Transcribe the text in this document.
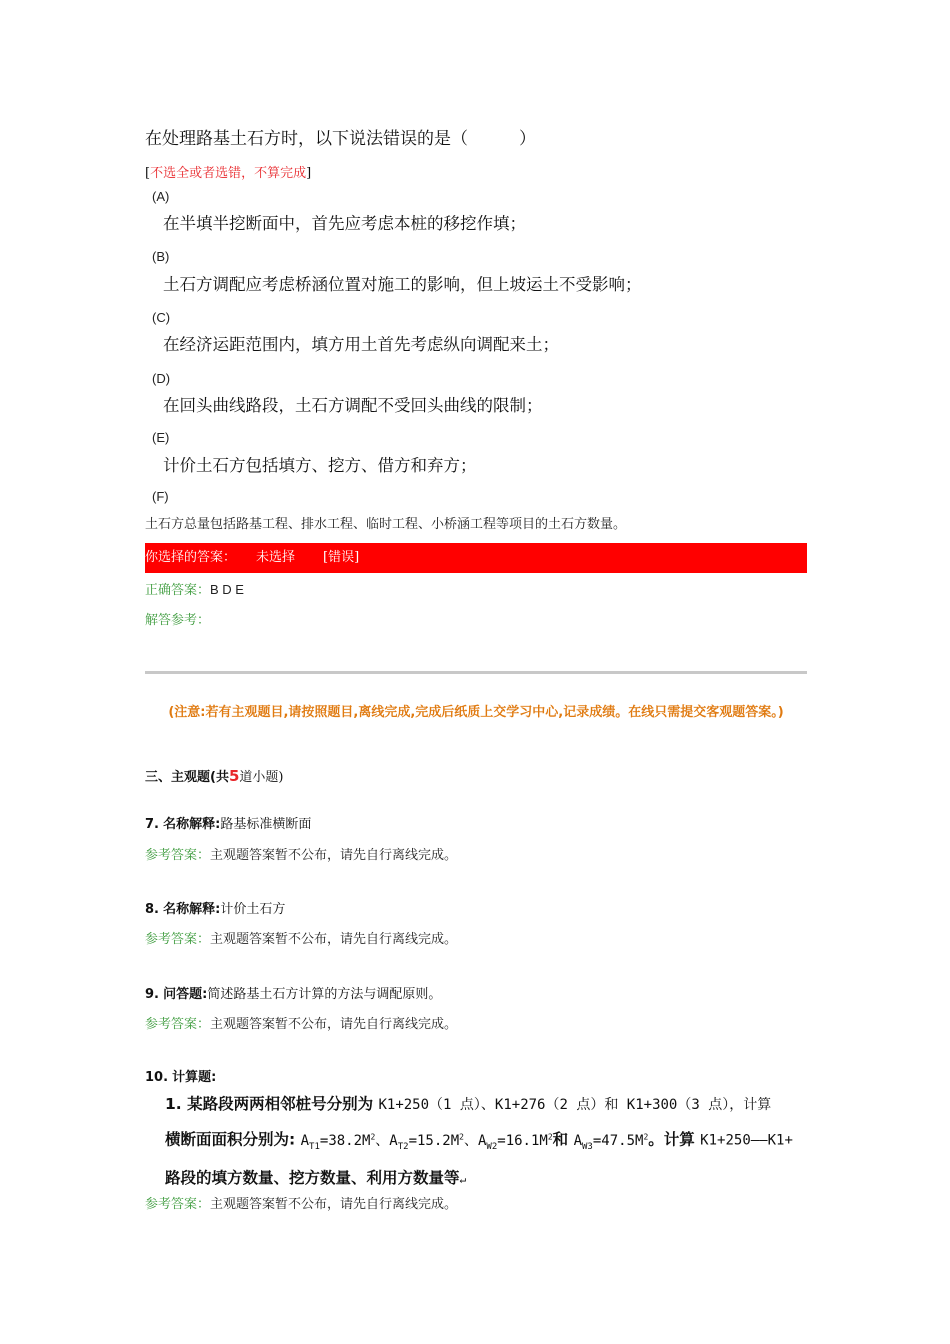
在处理路基土石方时，以下说法错误的是（　　　）
[不选全或者选错，不算完成]
(A)
在半填半挖断面中，首先应考虑本桩的移挖作填；
(B)
土石方调配应考虑桥涵位置对施工的影响，但上坡运土不受影响；
(C)
在经济运距范围内，填方用土首先考虑纵向调配来土；
(D)
在回头曲线路段，土石方调配不受回头曲线的限制；
(E)
计价土石方包括填方、挖方、借方和弃方；
(F)
土石方总量包括路基工程、排水工程、临时工程、小桥涵工程等项目的土石方数量。
你选择的答案： 未选择 [错误]
正确答案：B D E
解答参考：
(注意:若有主观题目,请按照题目,离线完成,完成后纸质上交学习中心,记录成绩。在线只需提交客观题答案。)
三、主观题(共5道小题)
7. 名称解释:路基标准横断面
参考答案：主观题答案暂不公布，请先自行离线完成。
8. 名称解释:计价土石方
参考答案：主观题答案暂不公布，请先自行离线完成。
9. 问答题:简述路基土石方计算的方法与调配原则。
参考答案：主观题答案暂不公布，请先自行离线完成。
10. 计算题:
1. 某路段两两相邻桩号分别为 K1+250（1 点）、K1+276（2 点）和 K1+300（3 点），计算
横断面面积分别为: $A_{T1}=38.2M^2$、$A_{T2}=15.2M^2$、$A_{W2}=16.1M^2$和 $A_{W3}=47.5M^2$。计算 K1+250——K1+
路段的填方数量、挖方数量、利用方数量等↵
参考答案：主观题答案暂不公布，请先自行离线完成。
